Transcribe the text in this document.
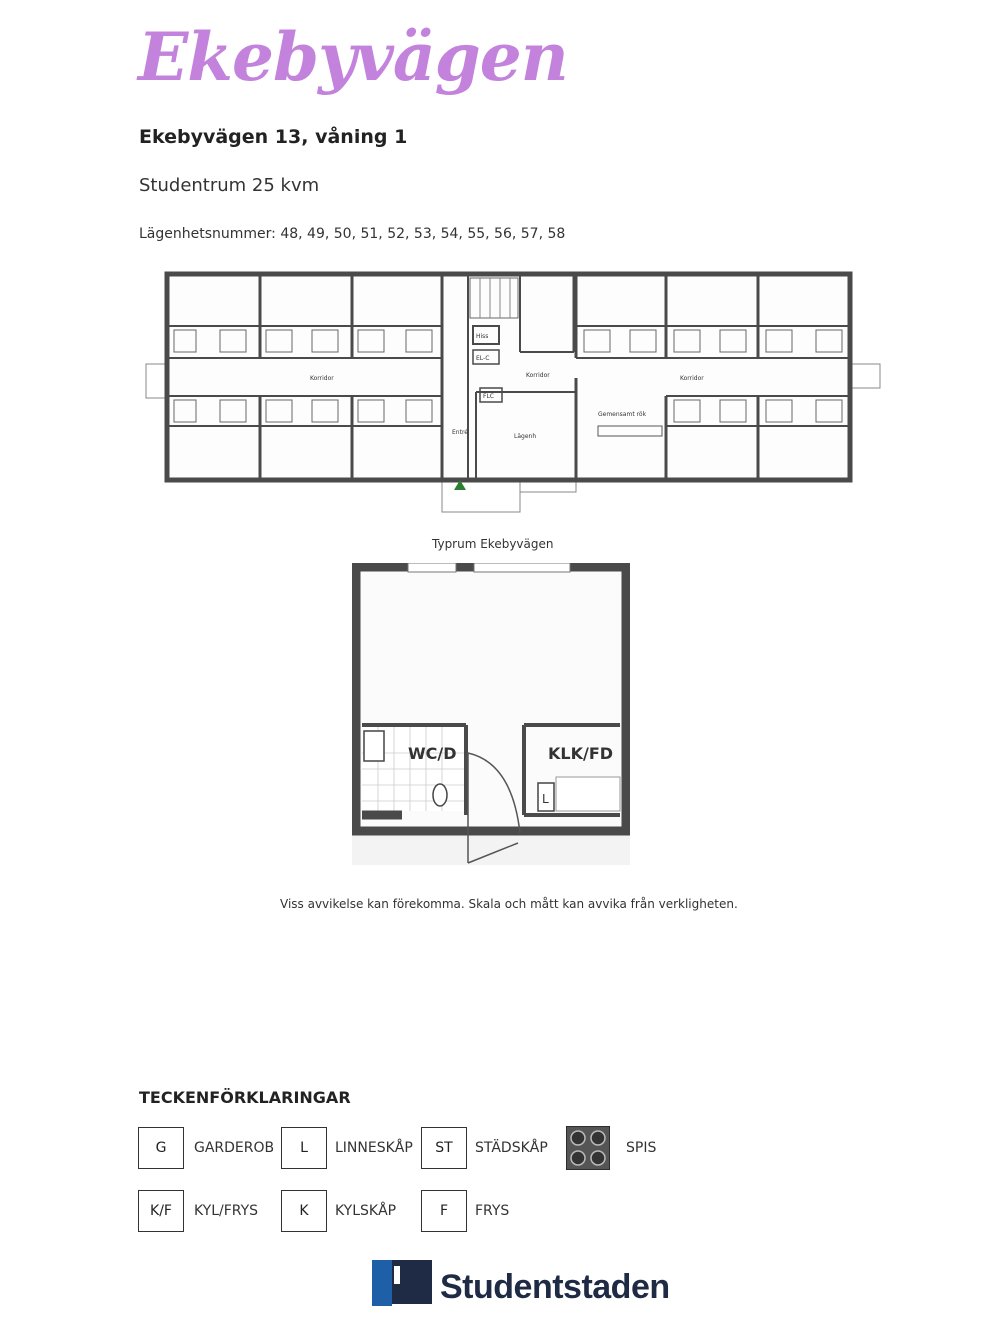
Ekebyvägen
Ekebyvägen 13, våning 1
Studentrum 25 kvm
Lägenhetsnummer: 48, 49, 50, 51, 52, 53, 54, 55, 56, 57, 58
Hiss
EL-C
FLC
Entré
Lägenh
Gemensamt rök
Korridor	Korridor	Korridor
Typrum Ekebyvägen
WC/D
L
KLK/FD
Viss avvikelse kan förekomma. Skala och mått kan avvika från verkligheten.
TECKENFÖRKLARINGAR
G	GARDEROB	L	LINNESKÅP	ST	STÄDSKÅP	SPIS
K/F	KYL/FRYS	K	KYLSKÅP	F	FRYS
Studentstaden
